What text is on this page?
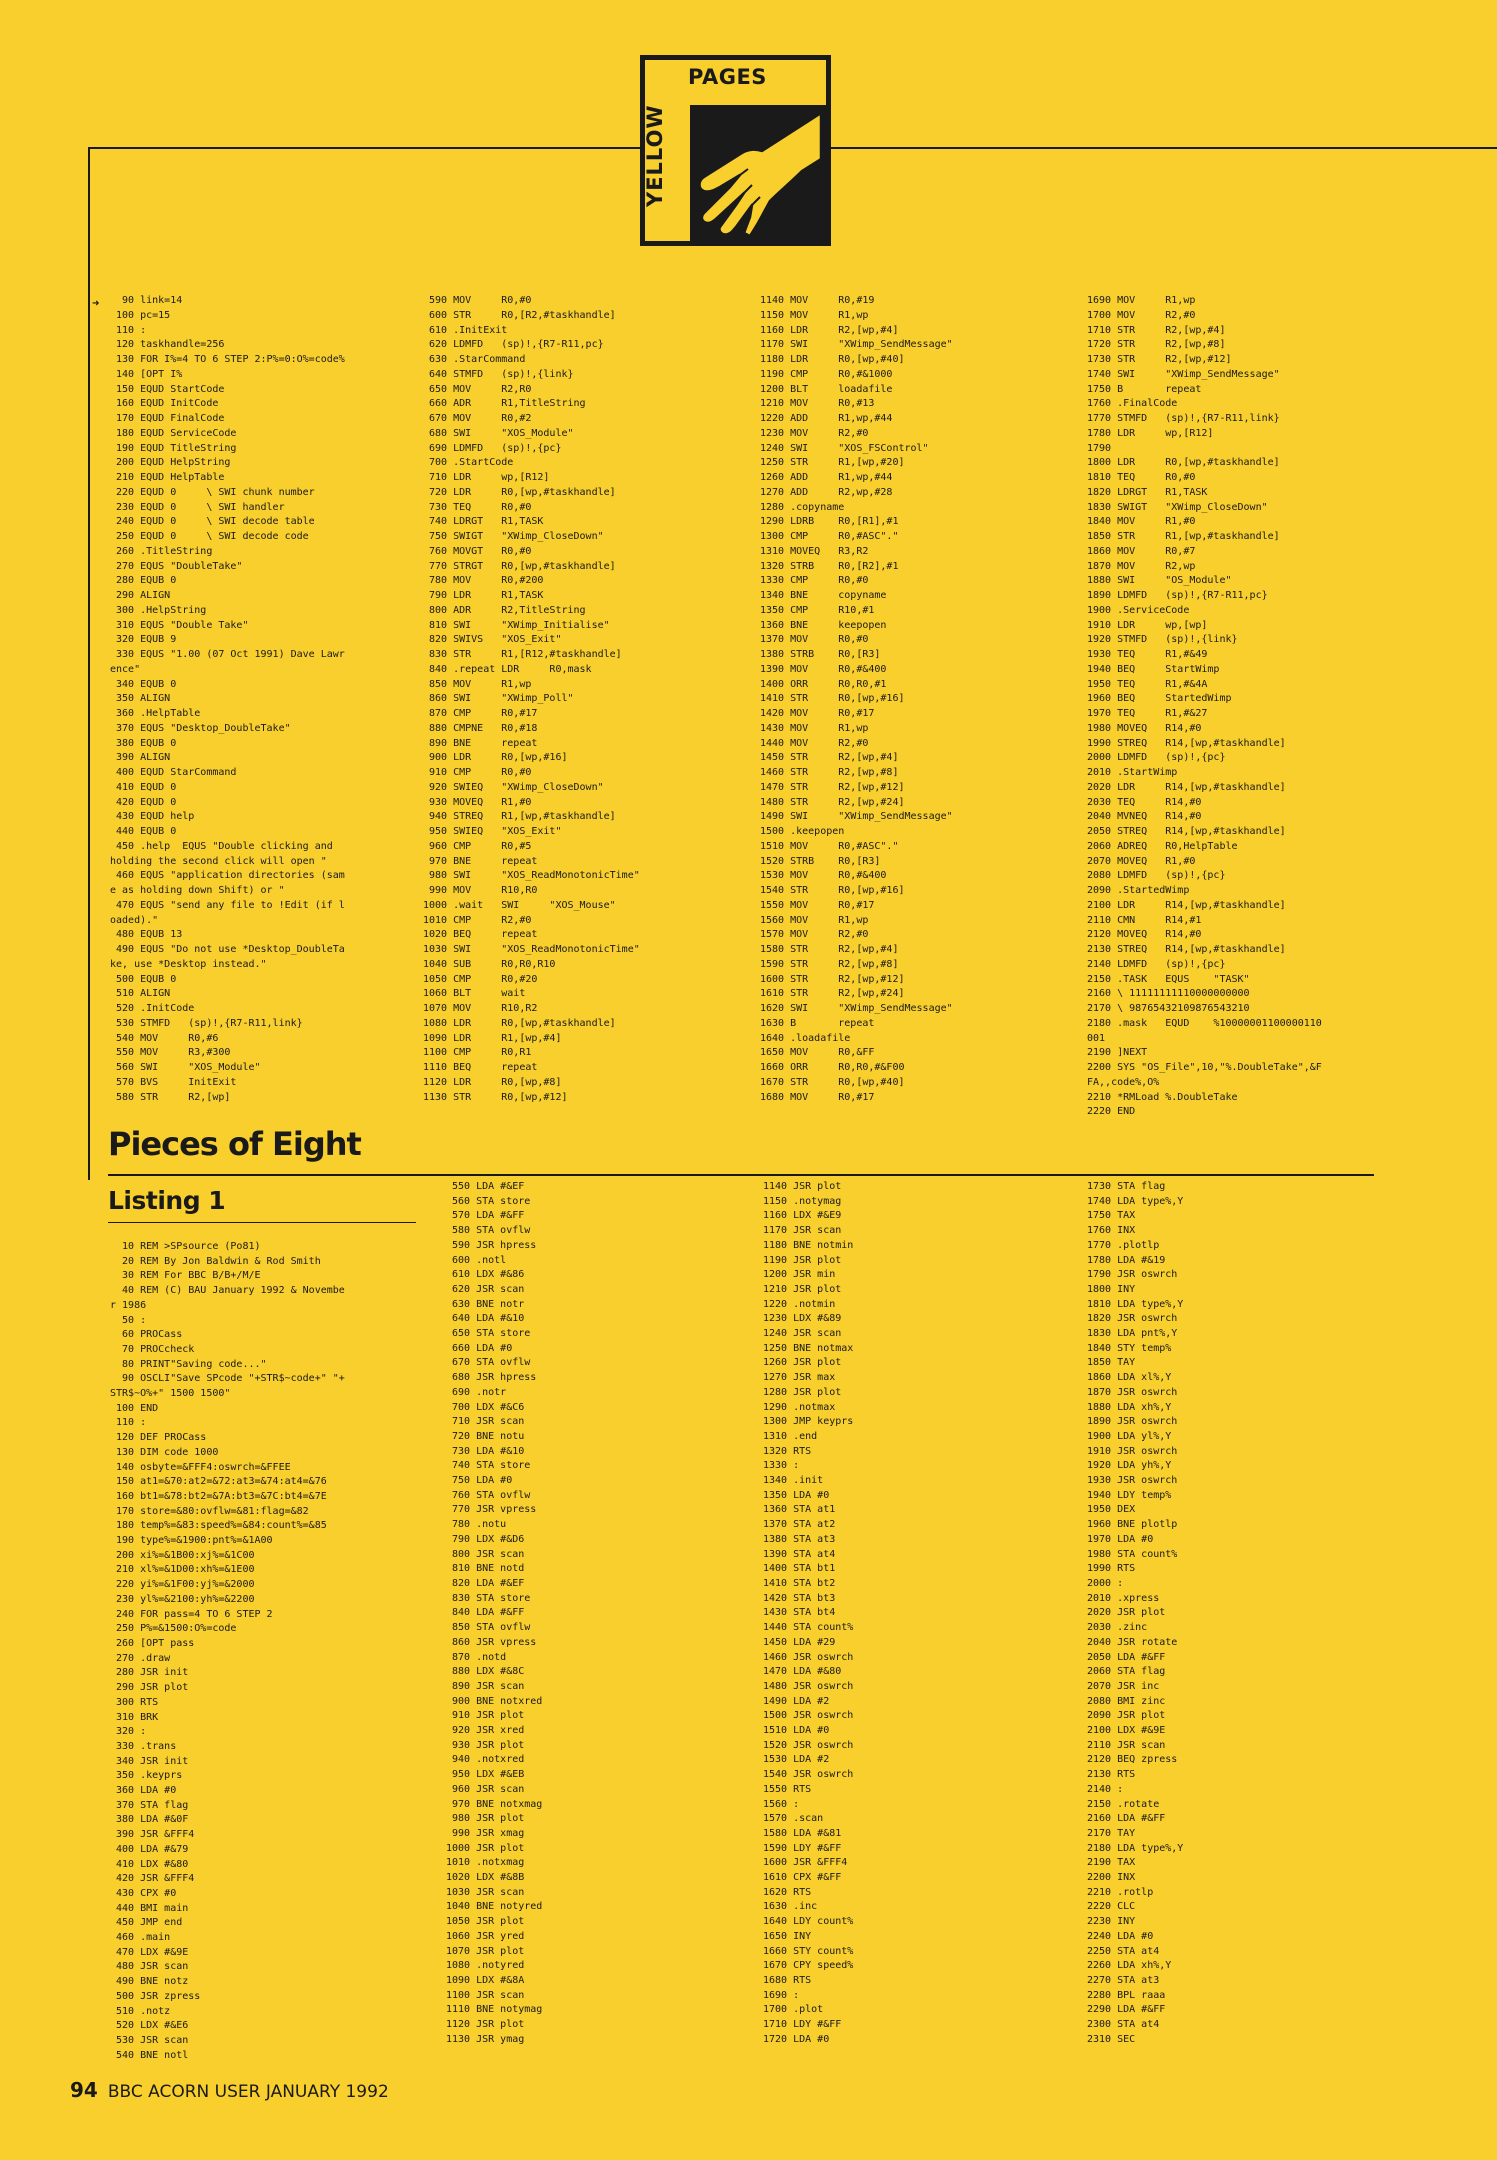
PAGES
YELLOW
➜	90 link=14
100 pc=15
110 :
120 taskhandle=256
130 FOR I%=4 TO 6 STEP 2:P%=0:O%=code%
140 [OPT I%
150 EQUD StartCode
160 EQUD InitCode
170 EQUD FinalCode
180 EQUD ServiceCode
190 EQUD TitleString
200 EQUD HelpString
210 EQUD HelpTable
220 EQUD 0     \ SWI chunk number
230 EQUD 0     \ SWI handler
240 EQUD 0     \ SWI decode table
250 EQUD 0     \ SWI decode code
260 .TitleString
270 EQUS "DoubleTake"
280 EQUB 0
290 ALIGN
300 .HelpString
310 EQUS "Double Take"
320 EQUB 9
330 EQUS "1.00 (07 Oct 1991) Dave Lawr
ence"
340 EQUB 0
350 ALIGN
360 .HelpTable
370 EQUS "Desktop_DoubleTake"
380 EQUB 0
390 ALIGN
400 EQUD StarCommand
410 EQUD 0
420 EQUD 0
430 EQUD help
440 EQUB 0
450 .help  EQUS "Double clicking and
holding the second click will open "
460 EQUS "application directories (sam
e as holding down Shift) or "
470 EQUS "send any file to !Edit (if l
oaded)."
480 EQUB 13
490 EQUS "Do not use *Desktop_DoubleTa
ke, use *Desktop instead."
500 EQUB 0
510 ALIGN
520 .InitCode
530 STMFD   (sp)!,{R7-R11,link}
540 MOV     R0,#6
550 MOV     R3,#300
560 SWI     "XOS_Module"
570 BVS     InitExit
580 STR     R2,[wp]
590 MOV     R0,#0
600 STR     R0,[R2,#taskhandle]
610 .InitExit
620 LDMFD   (sp)!,{R7-R11,pc}
630 .StarCommand
640 STMFD   (sp)!,{link}
650 MOV     R2,R0
660 ADR     R1,TitleString
670 MOV     R0,#2
680 SWI     "XOS_Module"
690 LDMFD   (sp)!,{pc}
700 .StartCode
710 LDR     wp,[R12]
720 LDR     R0,[wp,#taskhandle]
730 TEQ     R0,#0
740 LDRGT   R1,TASK
750 SWIGT   "XWimp_CloseDown"
760 MOVGT   R0,#0
770 STRGT   R0,[wp,#taskhandle]
780 MOV     R0,#200
790 LDR     R1,TASK
800 ADR     R2,TitleString
810 SWI     "XWimp_Initialise"
820 SWIVS   "XOS_Exit"
830 STR     R1,[R12,#taskhandle]
840 .repeat LDR     R0,mask
850 MOV     R1,wp
860 SWI     "XWimp_Poll"
870 CMP     R0,#17
880 CMPNE   R0,#18
890 BNE     repeat
900 LDR     R0,[wp,#16]
910 CMP     R0,#0
920 SWIEQ   "XWimp_CloseDown"
930 MOVEQ   R1,#0
940 STREQ   R1,[wp,#taskhandle]
950 SWIEQ   "XOS_Exit"
960 CMP     R0,#5
970 BNE     repeat
980 SWI     "XOS_ReadMonotonicTime"
990 MOV     R10,R0
1000 .wait   SWI     "XOS_Mouse"
1010 CMP     R2,#0
1020 BEQ     repeat
1030 SWI     "XOS_ReadMonotonicTime"
1040 SUB     R0,R0,R10
1050 CMP     R0,#20
1060 BLT     wait
1070 MOV     R10,R2
1080 LDR     R0,[wp,#taskhandle]
1090 LDR     R1,[wp,#4]
1100 CMP     R0,R1
1110 BEQ     repeat
1120 LDR     R0,[wp,#8]
1130 STR     R0,[wp,#12]
1140 MOV     R0,#19
1150 MOV     R1,wp
1160 LDR     R2,[wp,#4]
1170 SWI     "XWimp_SendMessage"
1180 LDR     R0,[wp,#40]
1190 CMP     R0,#&1000
1200 BLT     loadafile
1210 MOV     R0,#13
1220 ADD     R1,wp,#44
1230 MOV     R2,#0
1240 SWI     "XOS_FSControl"
1250 STR     R1,[wp,#20]
1260 ADD     R1,wp,#44
1270 ADD     R2,wp,#28
1280 .copyname
1290 LDRB    R0,[R1],#1
1300 CMP     R0,#ASC"."
1310 MOVEQ   R3,R2
1320 STRB    R0,[R2],#1
1330 CMP     R0,#0
1340 BNE     copyname
1350 CMP     R10,#1
1360 BNE     keepopen
1370 MOV     R0,#0
1380 STRB    R0,[R3]
1390 MOV     R0,#&400
1400 ORR     R0,R0,#1
1410 STR     R0,[wp,#16]
1420 MOV     R0,#17
1430 MOV     R1,wp
1440 MOV     R2,#0
1450 STR     R2,[wp,#4]
1460 STR     R2,[wp,#8]
1470 STR     R2,[wp,#12]
1480 STR     R2,[wp,#24]
1490 SWI     "XWimp_SendMessage"
1500 .keepopen
1510 MOV     R0,#ASC"."
1520 STRB    R0,[R3]
1530 MOV     R0,#&400
1540 STR     R0,[wp,#16]
1550 MOV     R0,#17
1560 MOV     R1,wp
1570 MOV     R2,#0
1580 STR     R2,[wp,#4]
1590 STR     R2,[wp,#8]
1600 STR     R2,[wp,#12]
1610 STR     R2,[wp,#24]
1620 SWI     "XWimp_SendMessage"
1630 B       repeat
1640 .loadafile
1650 MOV     R0,&FF
1660 ORR     R0,R0,#&F00
1670 STR     R0,[wp,#40]
1680 MOV     R0,#17
1690 MOV     R1,wp
1700 MOV     R2,#0
1710 STR     R2,[wp,#4]
1720 STR     R2,[wp,#8]
1730 STR     R2,[wp,#12]
1740 SWI     "XWimp_SendMessage"
1750 B       repeat
1760 .FinalCode
1770 STMFD   (sp)!,{R7-R11,link}
1780 LDR     wp,[R12]
1790
1800 LDR     R0,[wp,#taskhandle]
1810 TEQ     R0,#0
1820 LDRGT   R1,TASK
1830 SWIGT   "XWimp_CloseDown"
1840 MOV     R1,#0
1850 STR     R1,[wp,#taskhandle]
1860 MOV     R0,#7
1870 MOV     R2,wp
1880 SWI     "OS_Module"
1890 LDMFD   (sp)!,{R7-R11,pc}
1900 .ServiceCode
1910 LDR     wp,[wp]
1920 STMFD   (sp)!,{link}
1930 TEQ     R1,#&49
1940 BEQ     StartWimp
1950 TEQ     R1,#&4A
1960 BEQ     StartedWimp
1970 TEQ     R1,#&27
1980 MOVEQ   R14,#0
1990 STREQ   R14,[wp,#taskhandle]
2000 LDMFD   (sp)!,{pc}
2010 .StartWimp
2020 LDR     R14,[wp,#taskhandle]
2030 TEQ     R14,#0
2040 MVNEQ   R14,#0
2050 STREQ   R14,[wp,#taskhandle]
2060 ADREQ   R0,HelpTable
2070 MOVEQ   R1,#0
2080 LDMFD   (sp)!,{pc}
2090 .StartedWimp
2100 LDR     R14,[wp,#taskhandle]
2110 CMN     R14,#1
2120 MOVEQ   R14,#0
2130 STREQ   R14,[wp,#taskhandle]
2140 LDMFD   (sp)!,{pc}
2150 .TASK   EQUS    "TASK"
2160 \ 11111111110000000000
2170 \ 98765432109876543210
2180 .mask   EQUD    %10000001100000110
001
2190 ]NEXT
2200 SYS "OS_File",10,"%.DoubleTake",&F
FA,,code%,O%
2210 *RMLoad %.DoubleTake
2220 END
Pieces of Eight
Listing 1
10 REM >SPsource (Po81)
20 REM By Jon Baldwin & Rod Smith
30 REM For BBC B/B+/M/E
40 REM (C) BAU January 1992 & Novembe
r 1986
50 :
60 PROCass
70 PROCcheck
80 PRINT"Saving code..."
90 OSCLI"Save SPcode "+STR$~code+" "+
STR$~O%+" 1500 1500"
100 END
110 :
120 DEF PROCass
130 DIM code 1000
140 osbyte=&FFF4:oswrch=&FFEE
150 at1=&70:at2=&72:at3=&74:at4=&76
160 bt1=&78:bt2=&7A:bt3=&7C:bt4=&7E
170 store=&80:ovflw=&81:flag=&82
180 temp%=&83:speed%=&84:count%=&85
190 type%=&1900:pnt%=&1A00
200 xi%=&1B00:xj%=&1C00
210 xl%=&1D00:xh%=&1E00
220 yi%=&1F00:yj%=&2000
230 yl%=&2100:yh%=&2200
240 FOR pass=4 TO 6 STEP 2
250 P%=&1500:O%=code
260 [OPT pass
270 .draw
280 JSR init
290 JSR plot
300 RTS
310 BRK
320 :
330 .trans
340 JSR init
350 .keyprs
360 LDA #0
370 STA flag
380 LDA #&0F
390 JSR &FFF4
400 LDA #&79
410 LDX #&80
420 JSR &FFF4
430 CPX #0
440 BMI main
450 JMP end
460 .main
470 LDX #&9E
480 JSR scan
490 BNE notz
500 JSR zpress
510 .notz
520 LDX #&E6
530 JSR scan
540 BNE notl
550 LDA #&EF
560 STA store
570 LDA #&FF
580 STA ovflw
590 JSR hpress
600 .notl
610 LDX #&86
620 JSR scan
630 BNE notr
640 LDA #&10
650 STA store
660 LDA #0
670 STA ovflw
680 JSR hpress
690 .notr
700 LDX #&C6
710 JSR scan
720 BNE notu
730 LDA #&10
740 STA store
750 LDA #0
760 STA ovflw
770 JSR vpress
780 .notu
790 LDX #&D6
800 JSR scan
810 BNE notd
820 LDA #&EF
830 STA store
840 LDA #&FF
850 STA ovflw
860 JSR vpress
870 .notd
880 LDX #&8C
890 JSR scan
900 BNE notxred
910 JSR plot
920 JSR xred
930 JSR plot
940 .notxred
950 LDX #&EB
960 JSR scan
970 BNE notxmag
980 JSR plot
990 JSR xmag
1000 JSR plot
1010 .notxmag
1020 LDX #&8B
1030 JSR scan
1040 BNE notyred
1050 JSR plot
1060 JSR yred
1070 JSR plot
1080 .notyred
1090 LDX #&8A
1100 JSR scan
1110 BNE notymag
1120 JSR plot
1130 JSR ymag
1140 JSR plot
1150 .notymag
1160 LDX #&E9
1170 JSR scan
1180 BNE notmin
1190 JSR plot
1200 JSR min
1210 JSR plot
1220 .notmin
1230 LDX #&89
1240 JSR scan
1250 BNE notmax
1260 JSR plot
1270 JSR max
1280 JSR plot
1290 .notmax
1300 JMP keyprs
1310 .end
1320 RTS
1330 :
1340 .init
1350 LDA #0
1360 STA at1
1370 STA at2
1380 STA at3
1390 STA at4
1400 STA bt1
1410 STA bt2
1420 STA bt3
1430 STA bt4
1440 STA count%
1450 LDA #29
1460 JSR oswrch
1470 LDA #&80
1480 JSR oswrch
1490 LDA #2
1500 JSR oswrch
1510 LDA #0
1520 JSR oswrch
1530 LDA #2
1540 JSR oswrch
1550 RTS
1560 :
1570 .scan
1580 LDA #&81
1590 LDY #&FF
1600 JSR &FFF4
1610 CPX #&FF
1620 RTS
1630 .inc
1640 LDY count%
1650 INY
1660 STY count%
1670 CPY speed%
1680 RTS
1690 :
1700 .plot
1710 LDY #&FF
1720 LDA #0
1730 STA flag
1740 LDA type%,Y
1750 TAX
1760 INX
1770 .plotlp
1780 LDA #&19
1790 JSR oswrch
1800 INY
1810 LDA type%,Y
1820 JSR oswrch
1830 LDA pnt%,Y
1840 STY temp%
1850 TAY
1860 LDA xl%,Y
1870 JSR oswrch
1880 LDA xh%,Y
1890 JSR oswrch
1900 LDA yl%,Y
1910 JSR oswrch
1920 LDA yh%,Y
1930 JSR oswrch
1940 LDY temp%
1950 DEX
1960 BNE plotlp
1970 LDA #0
1980 STA count%
1990 RTS
2000 :
2010 .xpress
2020 JSR plot
2030 .zinc
2040 JSR rotate
2050 LDA #&FF
2060 STA flag
2070 JSR inc
2080 BMI zinc
2090 JSR plot
2100 LDX #&9E
2110 JSR scan
2120 BEQ zpress
2130 RTS
2140 :
2150 .rotate
2160 LDA #&FF
2170 TAY
2180 LDA type%,Y
2190 TAX
2200 INX
2210 .rotlp
2220 CLC
2230 INY
2240 LDA #0
2250 STA at4
2260 LDA xh%,Y
2270 STA at3
2280 BPL raaa
2290 LDA #&FF
2300 STA at4
2310 SEC
94 BBC ACORN USER JANUARY 1992
